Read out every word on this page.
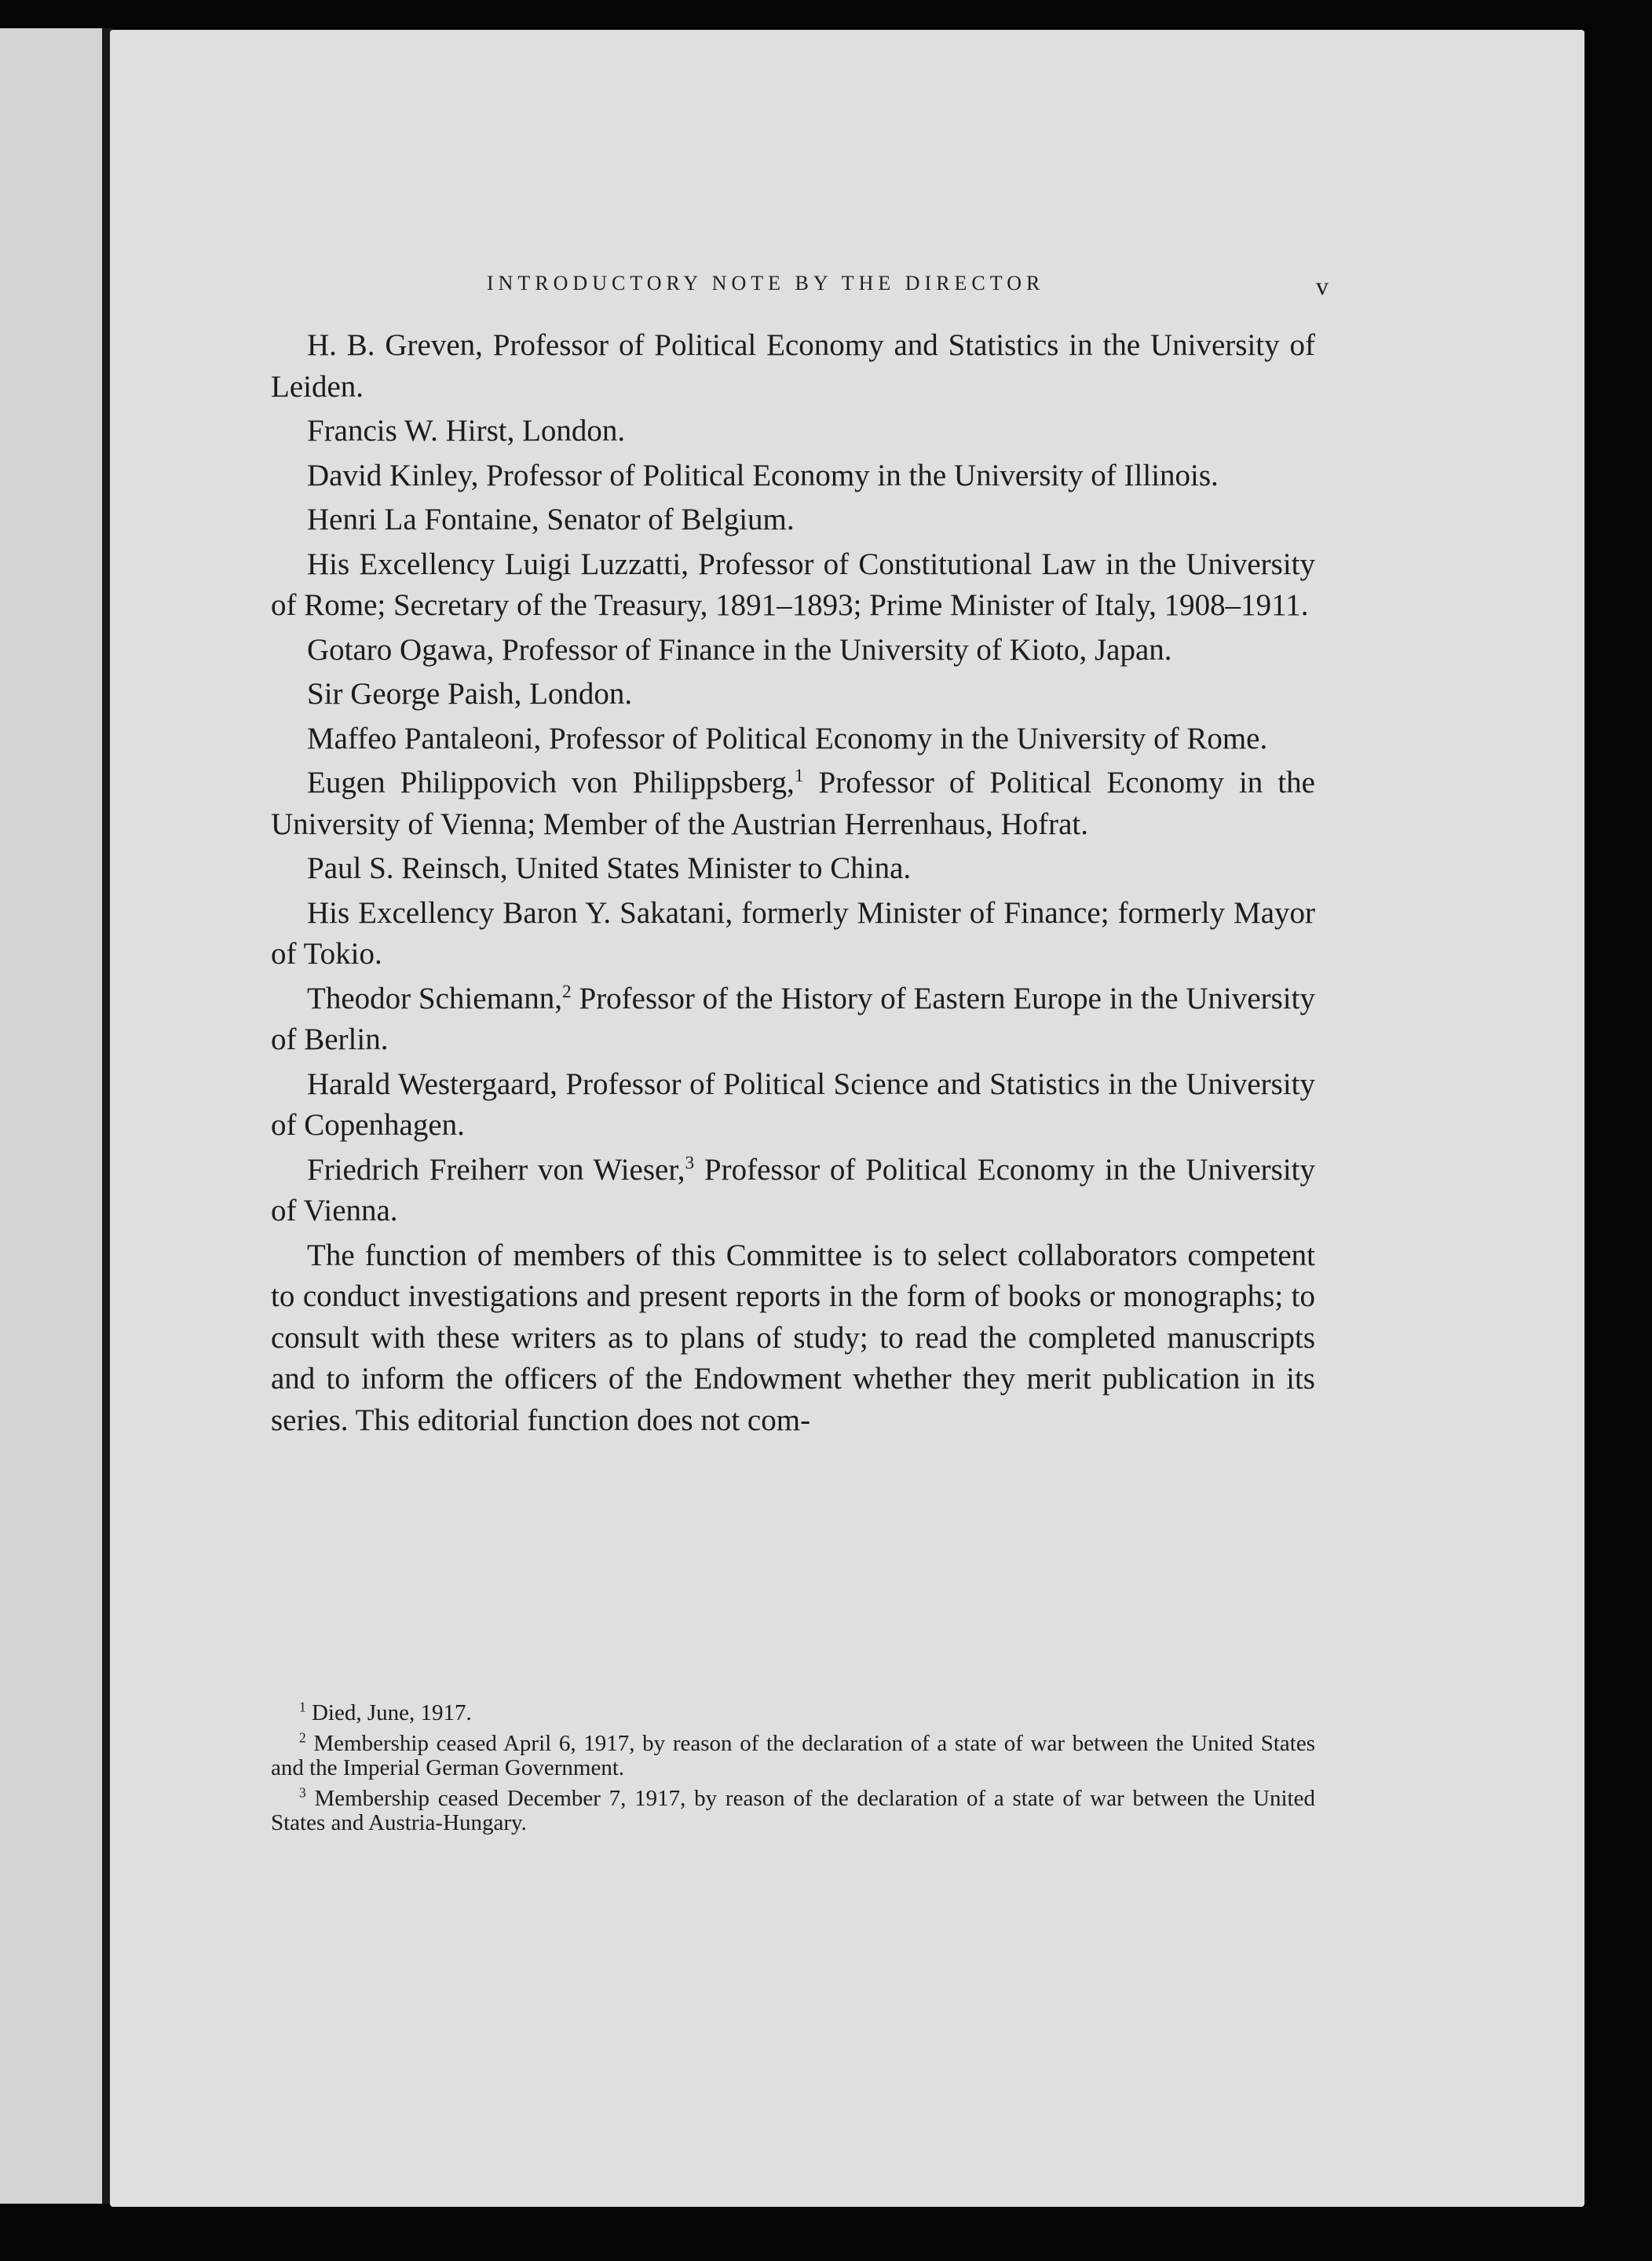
INTRODUCTORY NOTE BY THE DIRECTOR	v

H. B. Greven, Professor of Political Economy and Statistics in the University of Leiden.

Francis W. Hirst, London.

David Kinley, Professor of Political Economy in the University of Illinois.

Henri La Fontaine, Senator of Belgium.

His Excellency Luigi Luzzatti, Professor of Constitutional Law in the University of Rome; Secretary of the Treasury, 1891–1893; Prime Minister of Italy, 1908–1911.

Gotaro Ogawa, Professor of Finance in the University of Kioto, Japan.

Sir George Paish, London.

Maffeo Pantaleoni, Professor of Political Economy in the University of Rome.

Eugen Philippovich von Philippsberg,$^1$ Professor of Political Economy in the University of Vienna; Member of the Austrian Herrenhaus, Hofrat.

Paul S. Reinsch, United States Minister to China.

His Excellency Baron Y. Sakatani, formerly Minister of Finance; formerly Mayor of Tokio.

Theodor Schiemann,$^2$ Professor of the History of Eastern Europe in the University of Berlin.

Harald Westergaard, Professor of Political Science and Statistics in the University of Copenhagen.

Friedrich Freiherr von Wieser,$^3$ Professor of Political Economy in the University of Vienna.

The function of members of this Committee is to select collaborators competent to conduct investigations and present reports in the form of books or monographs; to consult with these writers as to plans of study; to read the completed manuscripts and to inform the officers of the Endowment whether they merit publication in its series. This editorial function does not com-

$^1$ Died, June, 1917.

$^2$ Membership ceased April 6, 1917, by reason of the declaration of a state of war between the United States and the Imperial German Government.

$^3$ Membership ceased December 7, 1917, by reason of the declaration of a state of war between the United States and Austria-Hungary.
